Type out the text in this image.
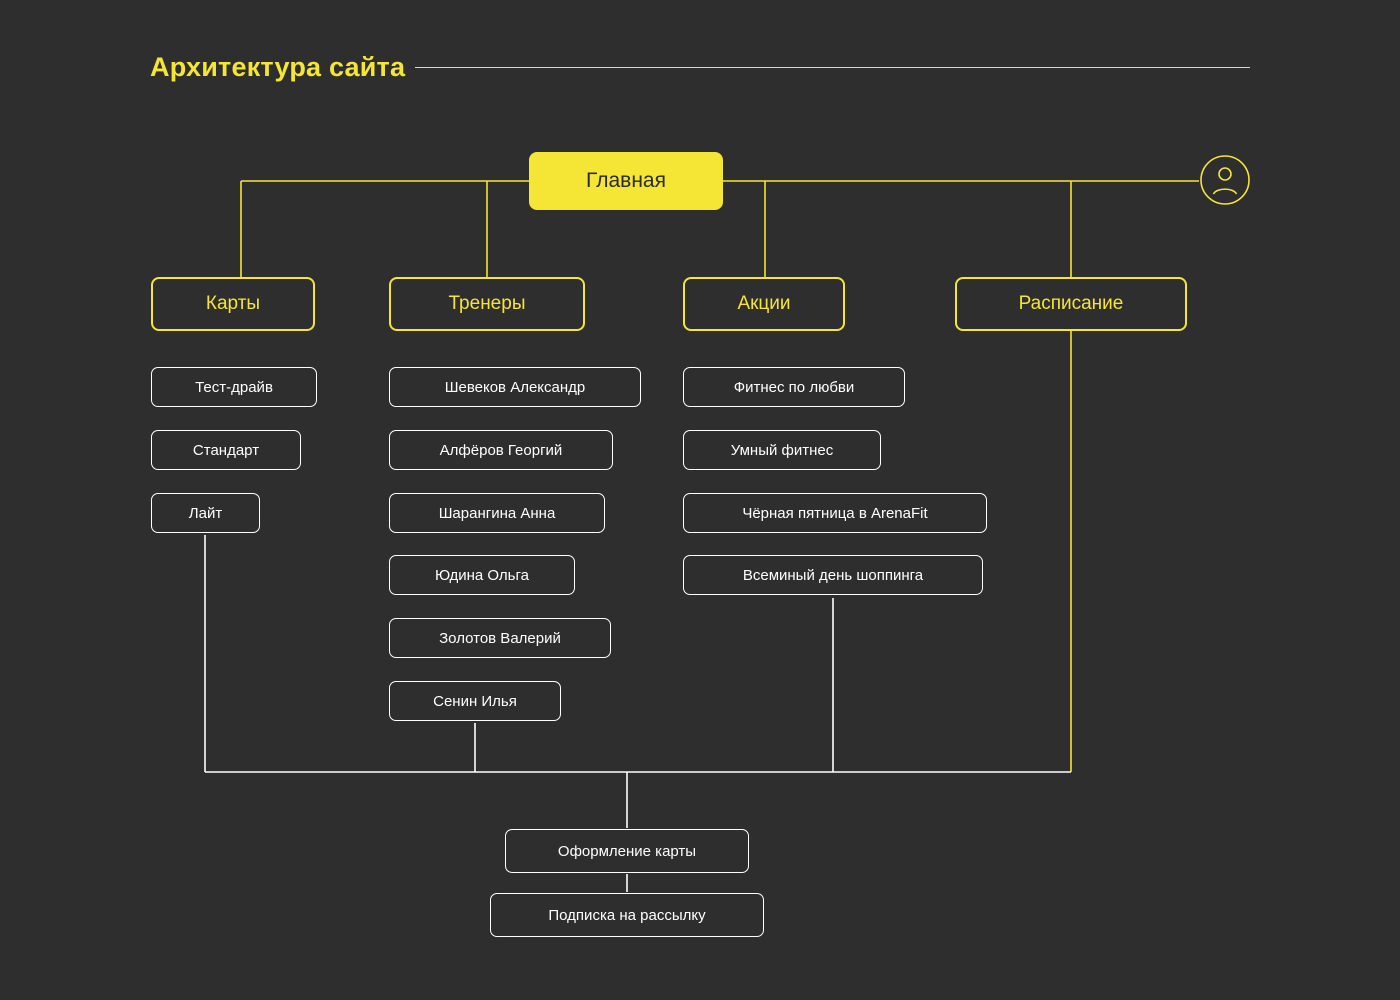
Архитектура сайта
Главная
Карты
Тест-драйв
Стандарт
Лайт
Тренеры
Шевеков Александр
Алфёров Георгий
Шарангина Анна
Юдина Ольга
Золотов Валерий
Сенин Илья
Акции
Фитнес по любви
Умный фитнес
Чёрная пятница в ArenaFit
Всеминый день шоппинга
Расписание
Оформление карты
Подписка на рассылку
